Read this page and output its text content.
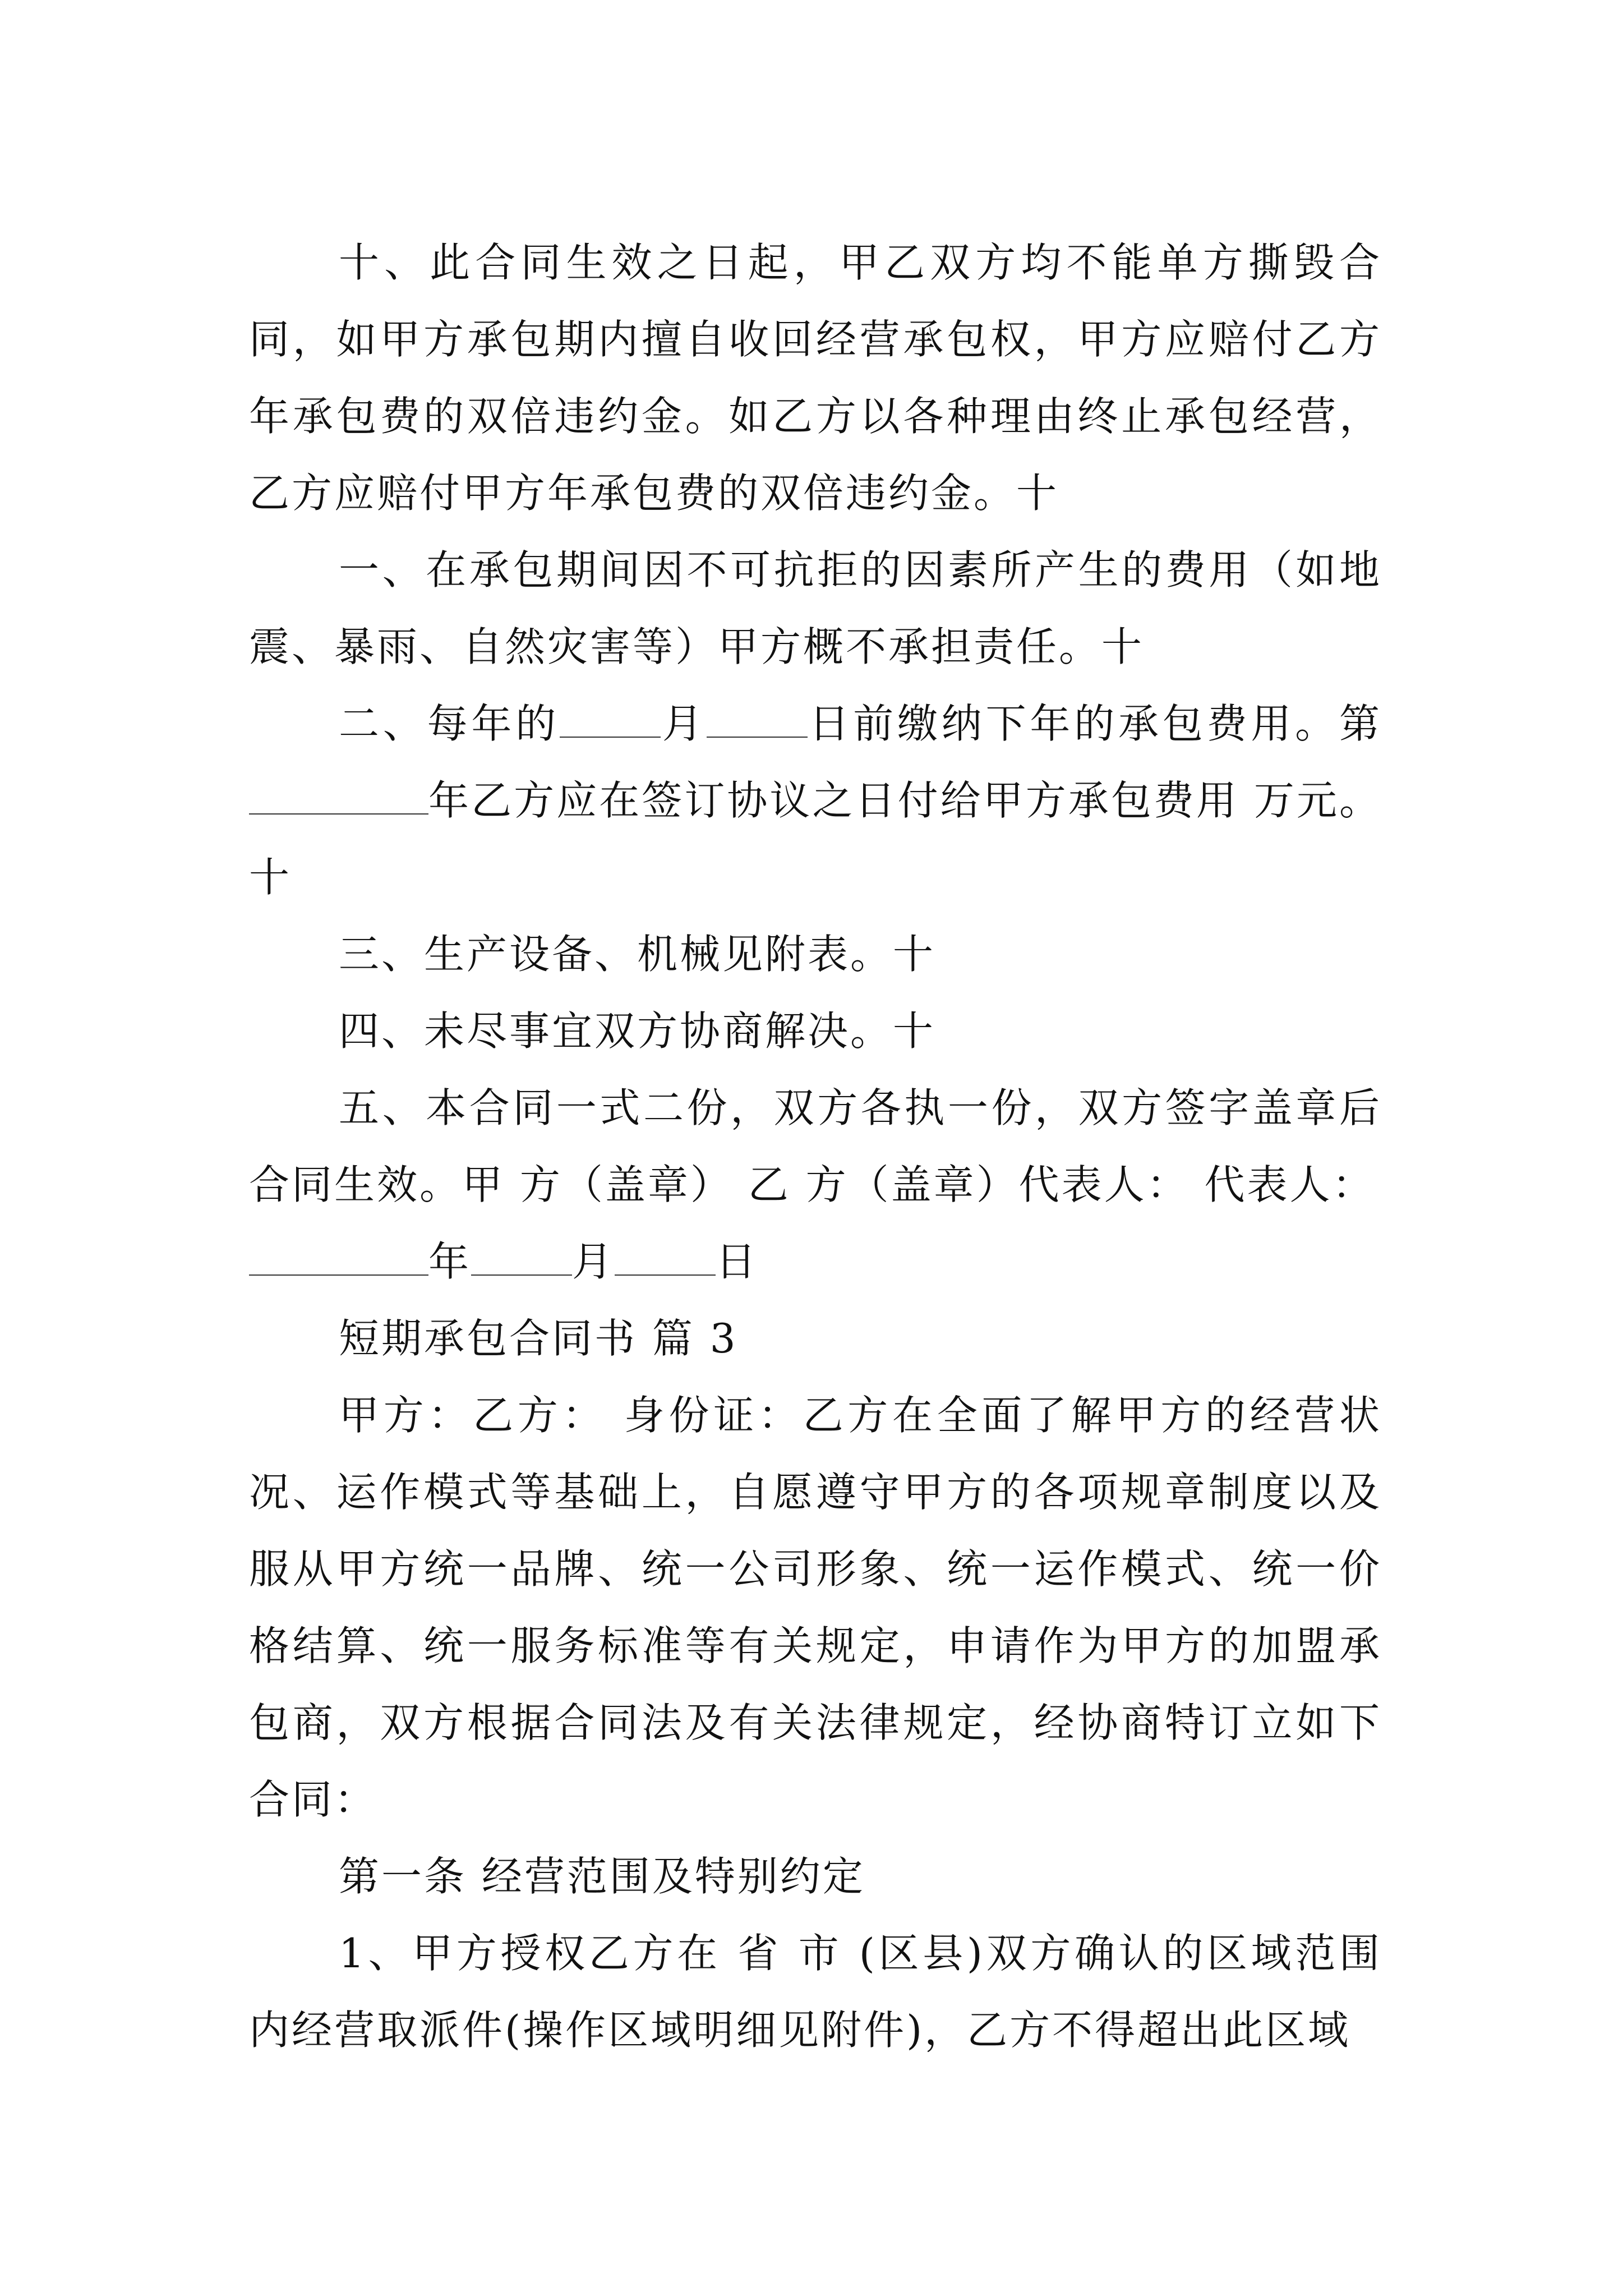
十、此合同生效之日起，甲乙双方均不能单方撕毁合同，如甲方承包期内擅自收回经营承包权，甲方应赔付乙方年承包费的双倍违约金。如乙方以各种理由终止承包经营，乙方应赔付甲方年承包费的双倍违约金。十

一、在承包期间因不可抗拒的因素所产生的费用（如地震、暴雨、自然灾害等）甲方概不承担责任。十

二、每年的	月	日前缴纳下年的承包费用。第年乙方应在签订协议之日付给甲方承包费用 万元。十

三、生产设备、机械见附表。十

四、未尽事宜双方协商解决。十

五、本合同一式二份，双方各执一份，双方签字盖章后合同生效。甲 方（盖章） 乙 方（盖章）代表人： 代表人：

年	月	日

短期承包合同书 篇 3

甲方：乙方： 身份证：乙方在全面了解甲方的经营状况、运作模式等基础上，自愿遵守甲方的各项规章制度以及服从甲方统一品牌、统一公司形象、统一运作模式、统一价格结算、统一服务标准等有关规定，申请作为甲方的加盟承包商，双方根据合同法及有关法律规定，经协商特订立如下合同：

第一条 经营范围及特别约定

1、甲方授权乙方在 省 市 (区县)双方确认的区域范围内经营取派件(操作区域明细见附件)，乙方不得超出此区域
